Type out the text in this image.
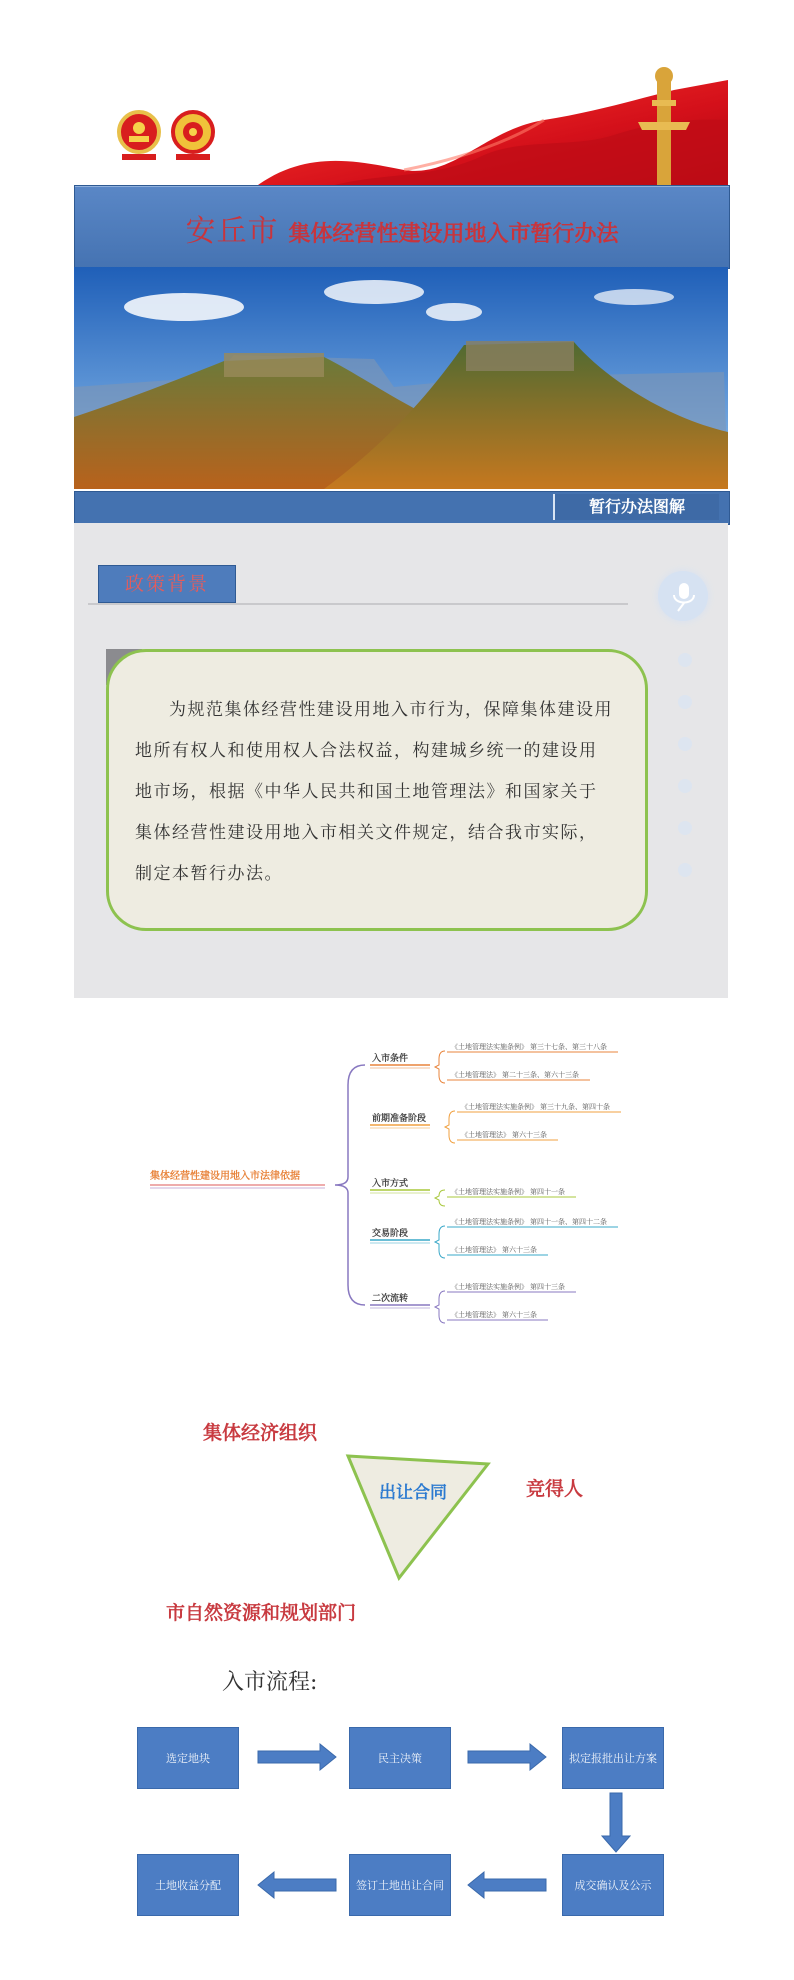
安丘市 集体经营性建设用地入市暂行办法
暂行办法图解
政策背景

为规范集体经营性建设用地入市行为，保障集体建设用地所有权人和使用权人合法权益，构建城乡统一的建设用地市场，根据《中华人民共和国土地管理法》和国家关于集体经营性建设用地入市相关文件规定，结合我市实际，制定本暂行办法。

集体经营性建设用地入市法律依据
入市条件
《土地管理法实施条例》 第三十七条、第三十八条
《土地管理法》 第二十三条、第六十三条
前期准备阶段
《土地管理法实施条例》 第三十九条、第四十条
《土地管理法》 第六十三条
入市方式
《土地管理法实施条例》 第四十一条
交易阶段
《土地管理法实施条例》 第四十一条、第四十二条
《土地管理法》 第六十三条
二次流转
《土地管理法实施条例》 第四十三条
《土地管理法》 第六十三条
集体经济组织
竞得人
市自然资源和规划部门
出让合同
入市流程:
选定地块	民主决策	拟定报批出让方案
成交确认及公示
签订土地出让合同
土地收益分配
